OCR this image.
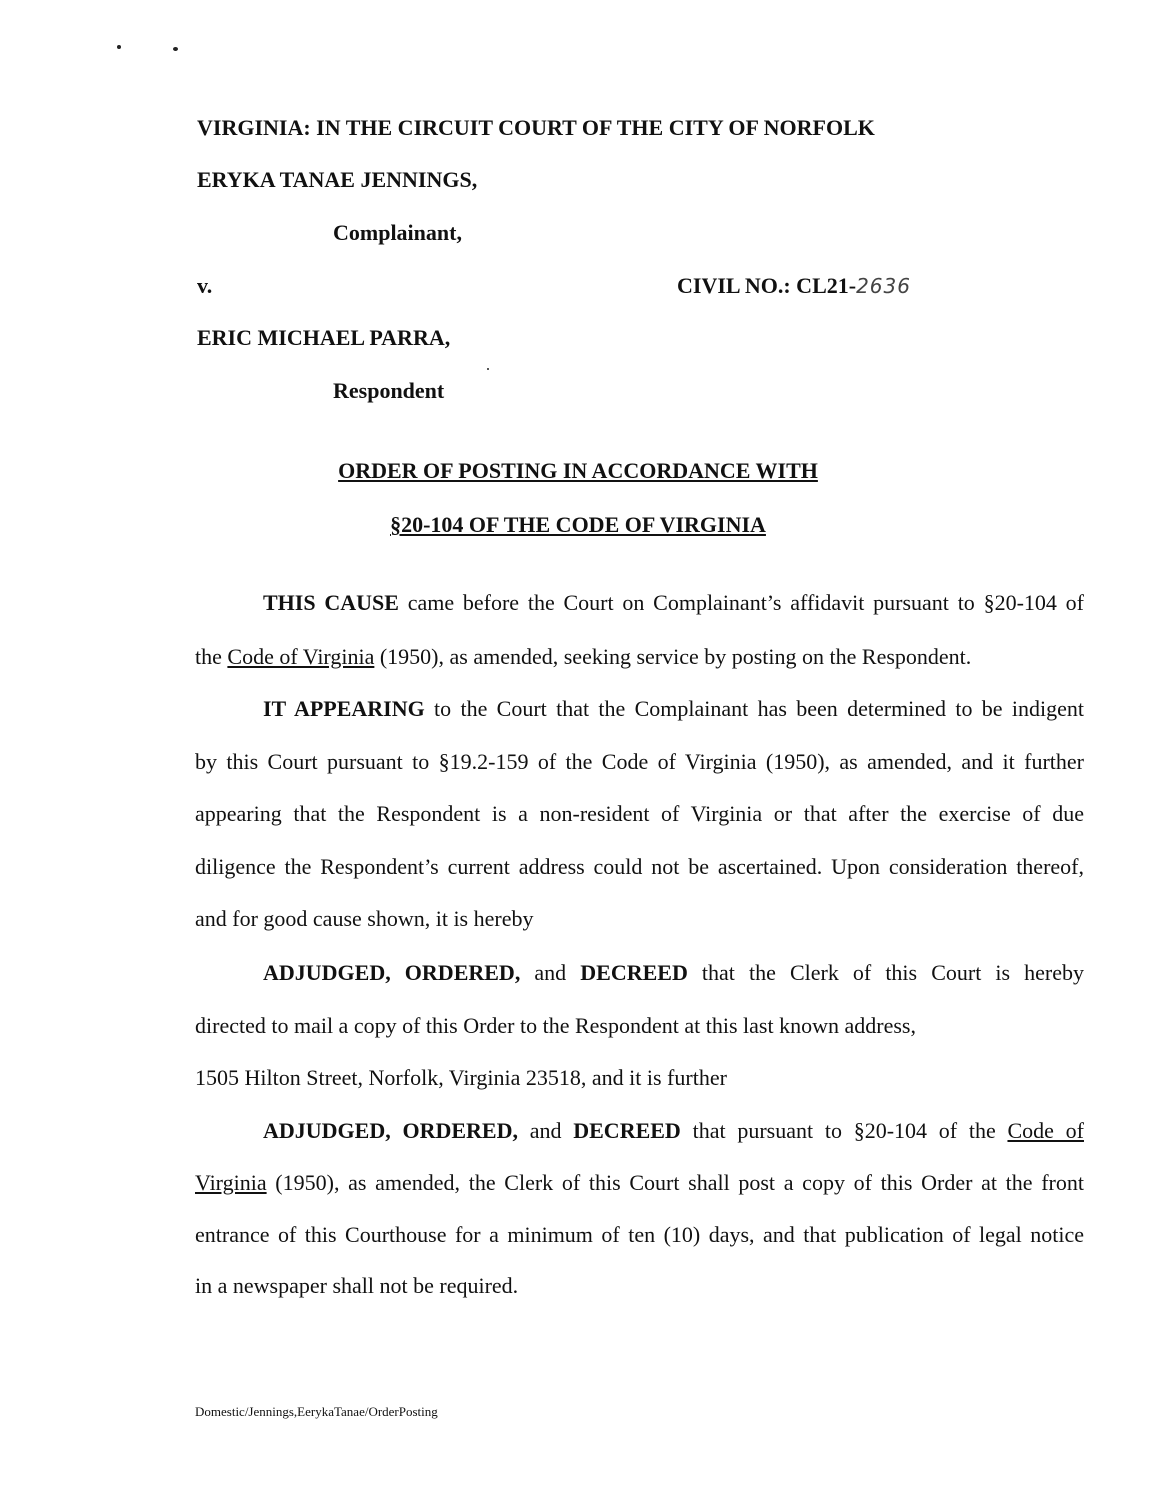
VIRGINIA: IN THE CIRCUIT COURT OF THE CITY OF NORFOLK
ERYKA TANAE JENNINGS,
Complainant,
v.	CIVIL NO.: CL21-2636
ERIC MICHAEL PARRA,
Respondent
ORDER OF POSTING IN ACCORDANCE WITH
§20-104 OF THE CODE OF VIRGINIA
THIS CAUSE came before the Court on Complainant’s affidavit pursuant to §20-104 of
the Code of Virginia (1950), as amended, seeking service by posting on the Respondent.
IT APPEARING to the Court that the Complainant has been determined to be indigent
by this Court pursuant to §19.2-159 of the Code of Virginia (1950), as amended, and it further
appearing that the Respondent is a non-resident of Virginia or that after the exercise of due
diligence the Respondent’s current address could not be ascertained. Upon consideration thereof,
and for good cause shown, it is hereby
ADJUDGED, ORDERED, and DECREED that the Clerk of this Court is hereby
directed to mail a copy of this Order to the Respondent at this last known address,
1505 Hilton Street, Norfolk, Virginia 23518, and it is further
ADJUDGED, ORDERED, and DECREED that pursuant to §20-104 of the Code of
Virginia (1950), as amended, the Clerk of this Court shall post a copy of this Order at the front
entrance of this Courthouse for a minimum of ten (10) days, and that publication of legal notice
in a newspaper shall not be required.
Domestic/Jennings,EerykaTanae/OrderPosting
